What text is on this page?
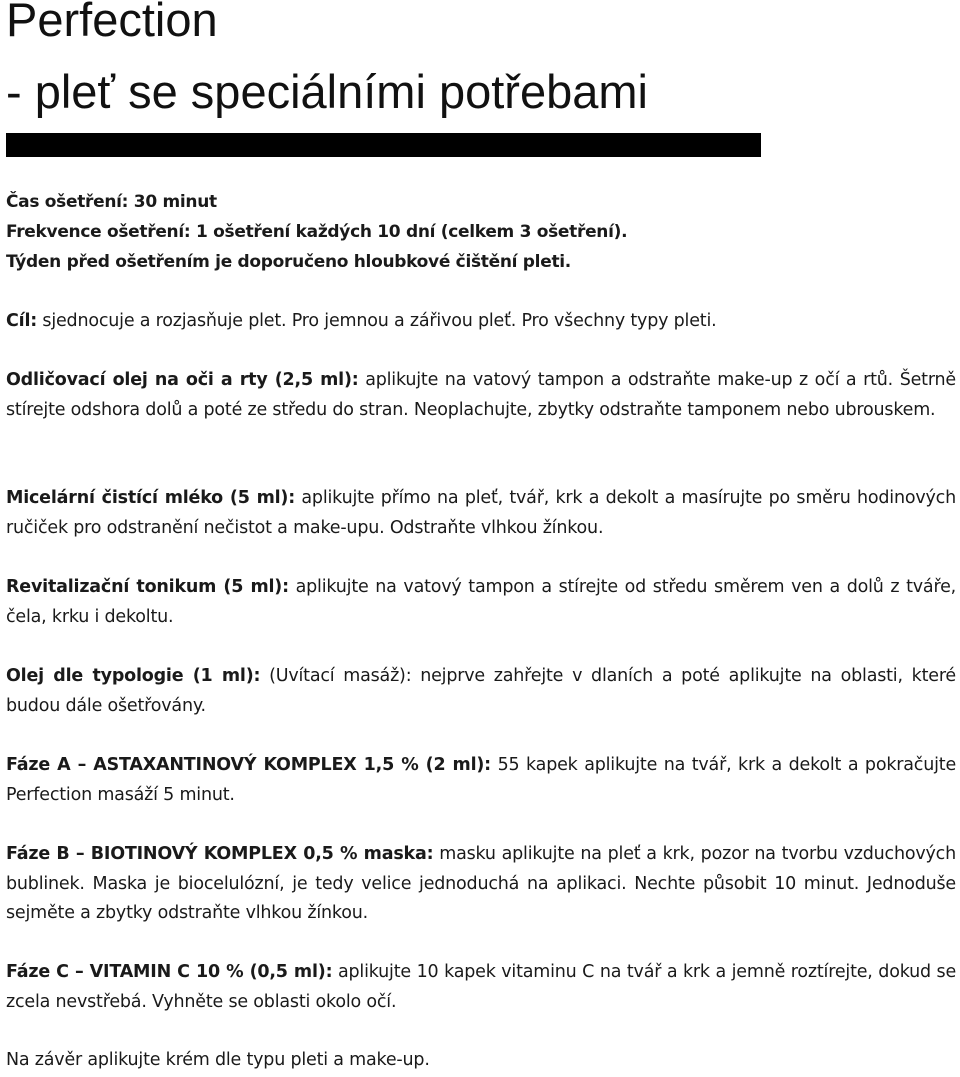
Perfection
- pleť se speciálními potřebami
Čas ošetření: 30 minut
Frekvence ošetření: 1 ošetření každých 10 dní (celkem 3 ošetření).
Týden před ošetřením je doporučeno hloubkové čištění pleti.

Cíl: sjednocuje a rozjasňuje plet. Pro jemnou a zářivou pleť. Pro všechny typy pleti.

Odličovací olej na oči a rty (2,5 ml): aplikujte na vatový tampon a odstraňte make-up z očí a rtů. Šetrně stírejte odshora dolů a poté ze středu do stran. Neoplachujte, zbytky odstraňte tamponem nebo ubrouskem.

Micelární čistící mléko (5 ml): aplikujte přímo na pleť, tvář, krk a dekolt a masírujte po směru hodinových ručiček pro odstranění nečistot a make-upu. Odstraňte vlhkou žínkou.

Revitalizační tonikum (5 ml): aplikujte na vatový tampon a stírejte od středu směrem ven a dolů z tváře, čela, krku i dekoltu.

Olej dle typologie (1 ml): (Uvítací masáž): nejprve zahřejte v dlaních a poté aplikujte na oblasti, které budou dále ošetřovány.

Fáze A – ASTAXANTINOVÝ KOMPLEX 1,5 % (2 ml): 55 kapek aplikujte na tvář, krk a dekolt a pokračujte Perfection masáží 5 minut.

Fáze B – BIOTINOVÝ KOMPLEX 0,5 % maska: masku aplikujte na pleť a krk, pozor na tvorbu vzduchových bublinek. Maska je biocelulózní, je tedy velice jednoduchá na aplikaci. Nechte působit 10 minut. Jednoduše sejměte a zbytky odstraňte vlhkou žínkou.

Fáze C – VITAMIN C 10 % (0,5 ml): aplikujte 10 kapek vitaminu C na tvář a krk a jemně roztírejte, dokud se zcela nevstřebá. Vyhněte se oblasti okolo očí.

Na závěr aplikujte krém dle typu pleti a make-up.
